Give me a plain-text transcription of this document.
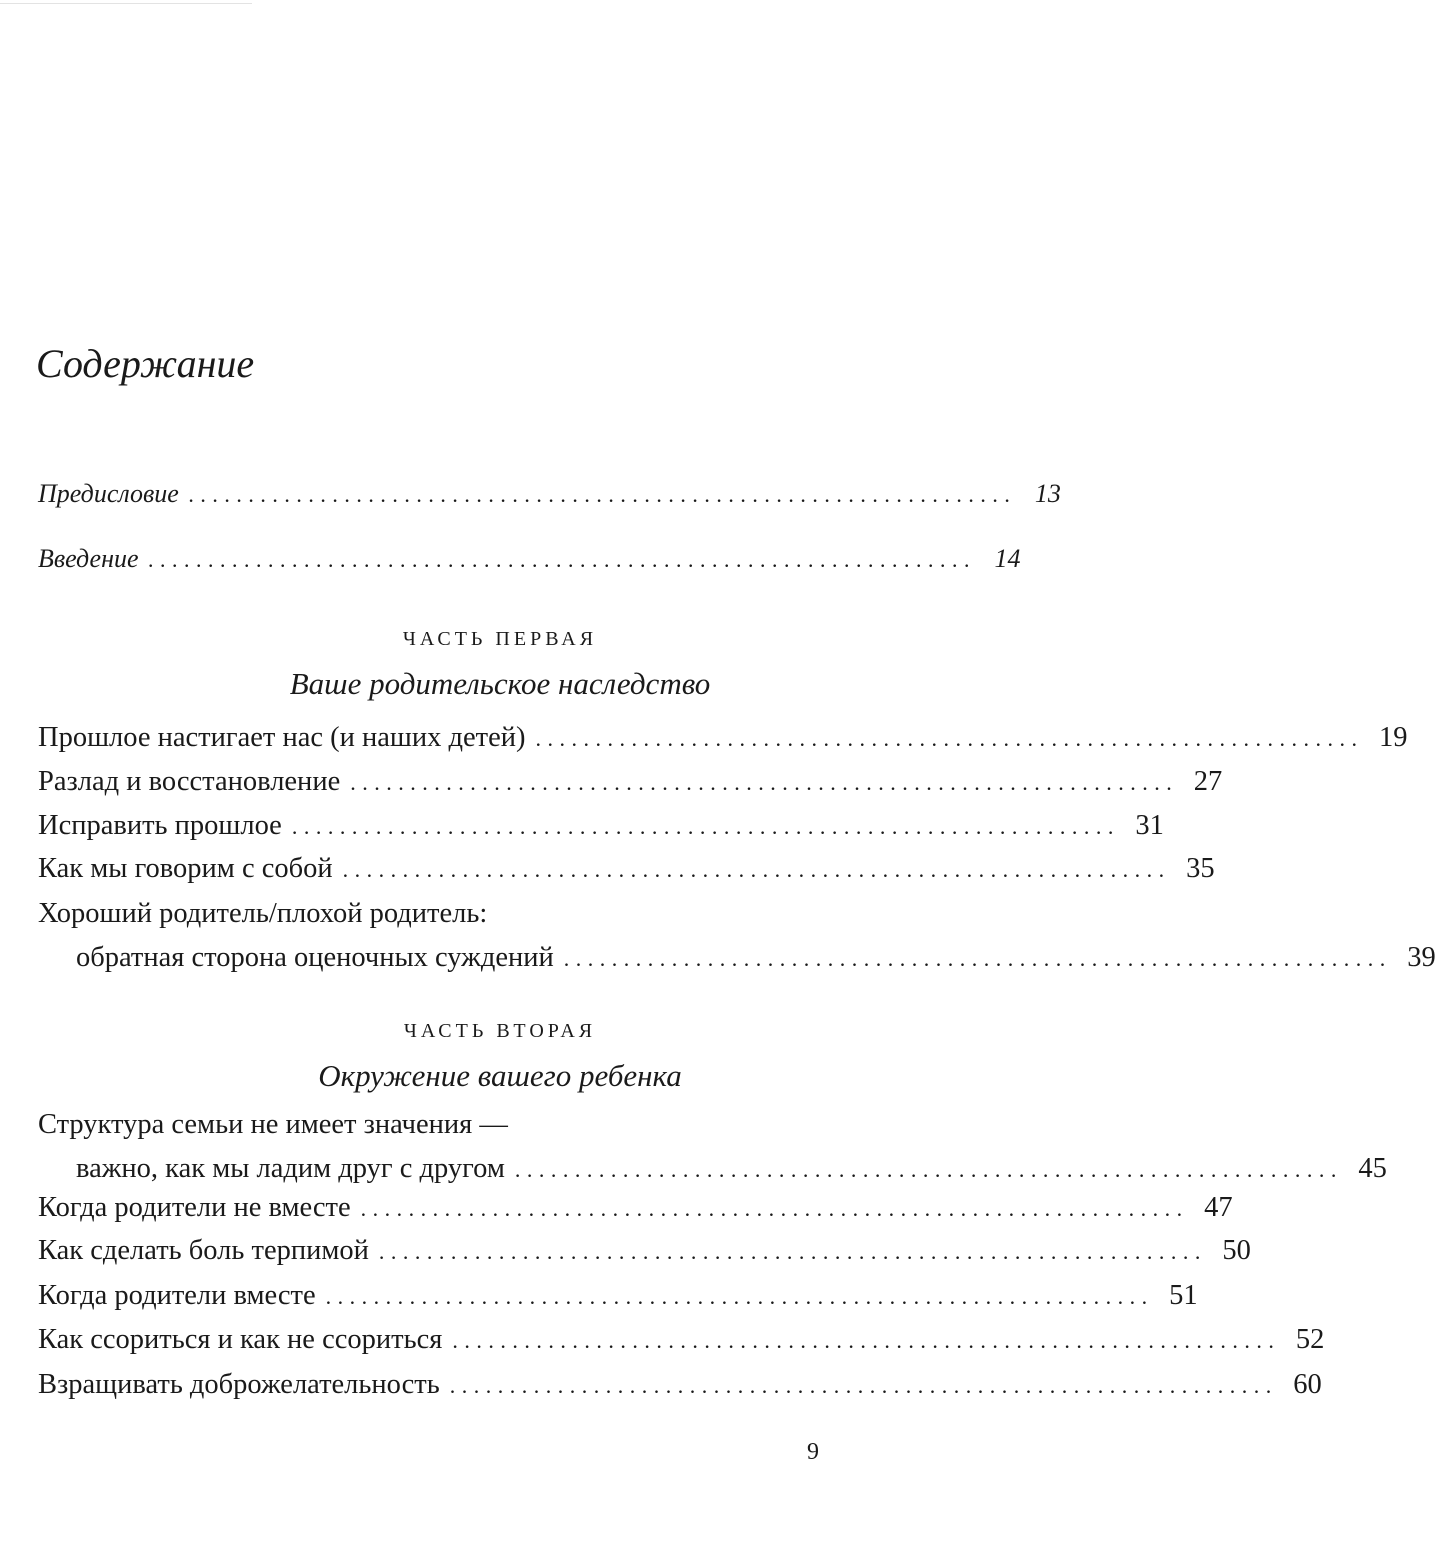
Содержание
Предисловие ..................................................................... 13
Введение ..................................................................... 14
ЧАСТЬ ПЕРВАЯ
Ваше родительское наследство
Прошлое настигает нас (и наших детей) ..................................................................... 19
Разлад и восстановление ..................................................................... 27
Исправить прошлое ..................................................................... 31
Как мы говорим с собой ..................................................................... 35
Хороший родитель/плохой родитель:
обратная сторона оценочных суждений ..................................................................... 39
ЧАСТЬ ВТОРАЯ
Окружение вашего ребенка
Структура семьи не имеет значения —
важно, как мы ладим друг с другом ..................................................................... 45
Когда родители не вместе ..................................................................... 47
Как сделать боль терпимой ..................................................................... 50
Когда родители вместе ..................................................................... 51
Как ссориться и как не ссориться ..................................................................... 52
Взращивать доброжелательность ..................................................................... 60
9
